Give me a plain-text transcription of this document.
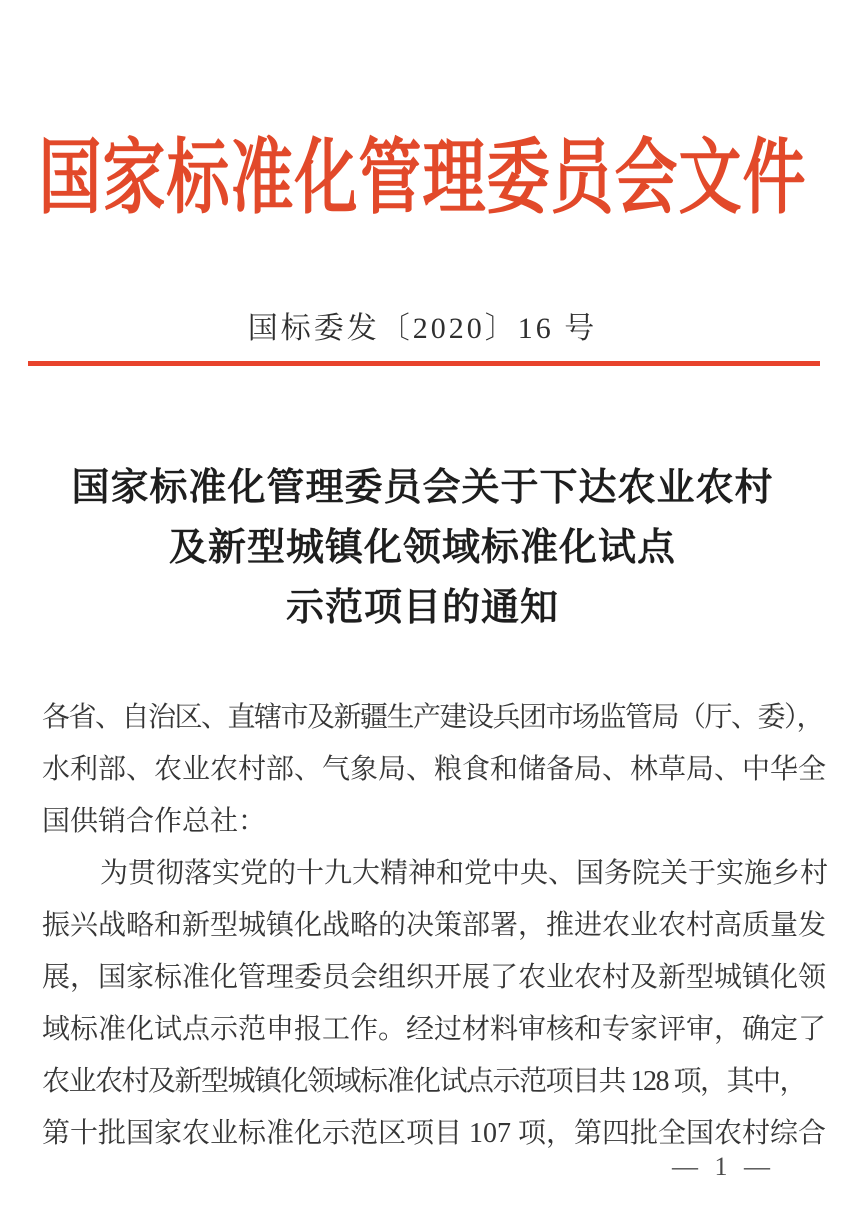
国家标准化管理委员会文件
国标委发〔2020〕16 号
国家标准化管理委员会关于下达农业农村
及新型城镇化领域标准化试点
示范项目的通知

各省、自治区、直辖市及新疆生产建设兵团市场监管局（厅、委），

水利部、农业农村部、气象局、粮食和储备局、林草局、中华全

国供销合作总社：

为贯彻落实党的十九大精神和党中央、国务院关于实施乡村

振兴战略和新型城镇化战略的决策部署，推进农业农村高质量发

展，国家标准化管理委员会组织开展了农业农村及新型城镇化领

域标准化试点示范申报工作。经过材料审核和专家评审，确定了

农业农村及新型城镇化领域标准化试点示范项目共 128 项，其中，

第十批国家农业标准化示范区项目 107 项，第四批全国农村综合

— 1 —
